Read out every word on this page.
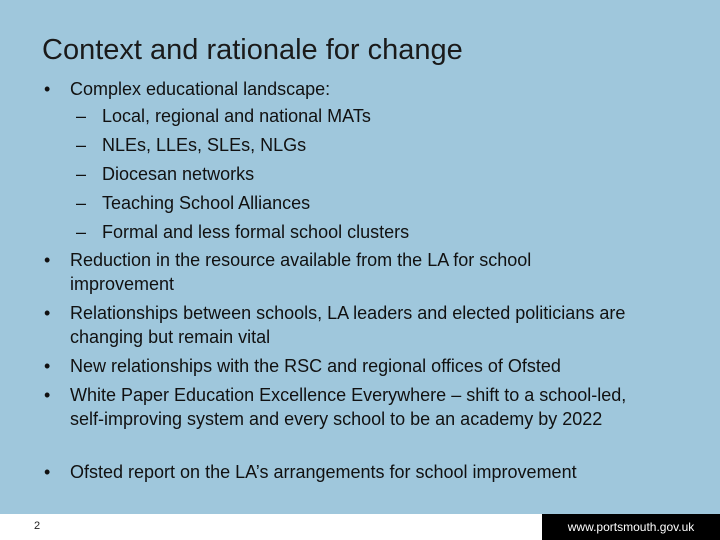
Context and rationale for change
• Complex educational landscape:
– Local, regional and national MATs
– NLEs, LLEs, SLEs, NLGs
– Diocesan networks
– Teaching School Alliances
– Formal and less formal school clusters
• Reduction in the resource available from the LA for school improvement
• Relationships between schools, LA leaders and elected politicians are changing but remain vital
• New relationships with the RSC and regional offices of Ofsted
• White Paper Education Excellence Everywhere – shift to a school-led, self-improving system and every school to be an academy by 2022
• Ofsted report on the LA’s arrangements for school improvement
2	www.portsmouth.gov.uk
